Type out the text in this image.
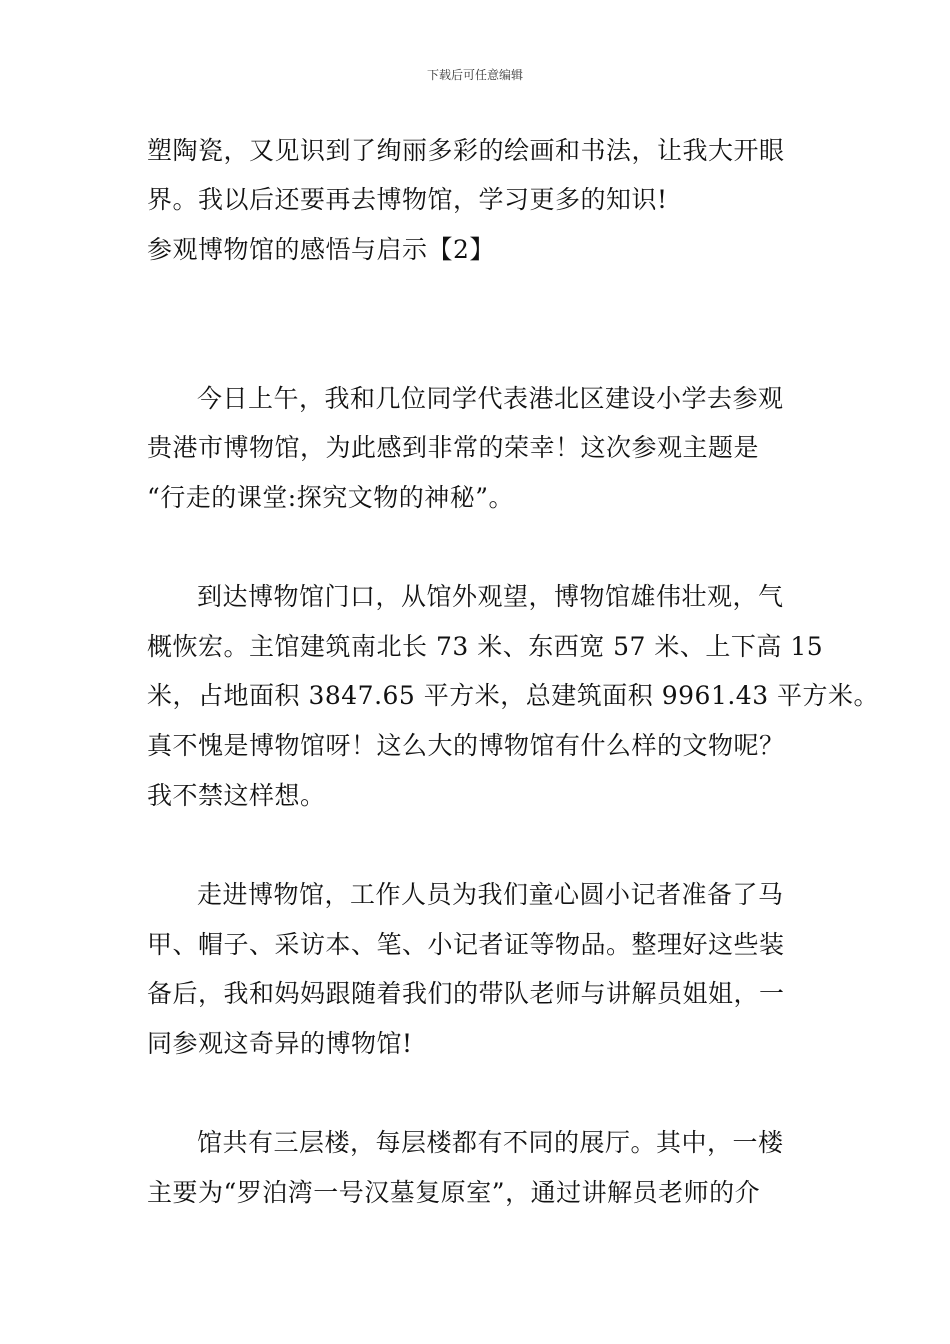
下载后可任意编辑
塑陶瓷，又见识到了绚丽多彩的绘画和书法，让我大开眼
界。我以后还要再去博物馆，学习更多的知识!
参观博物馆的感悟与启示【2】
今日上午，我和几位同学代表港北区建设小学去参观
贵港市博物馆，为此感到非常的荣幸！这次参观主题是
“行走的课堂:探究文物的神秘”。
到达博物馆门口，从馆外观望，博物馆雄伟壮观，气
概恢宏。主馆建筑南北长 73 米、东西宽 57 米、上下高 15
米，占地面积 3847.65 平方米，总建筑面积 9961.43 平方米。
真不愧是博物馆呀！这么大的博物馆有什么样的文物呢？
我不禁这样想。
走进博物馆，工作人员为我们童心圆小记者准备了马
甲、帽子、采访本、笔、小记者证等物品。整理好这些装
备后，我和妈妈跟随着我们的带队老师与讲解员姐姐，一
同参观这奇异的博物馆!
馆共有三层楼，每层楼都有不同的展厅。其中，一楼
主要为“罗泊湾一号汉墓复原室”，通过讲解员老师的介
